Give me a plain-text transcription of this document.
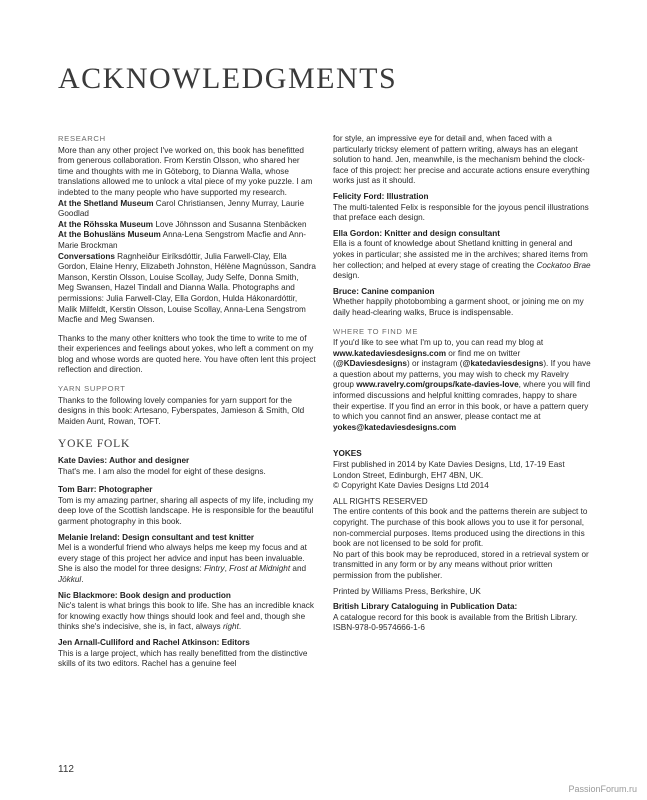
ACKNOWLEDGMENTS
RESEARCH

More than any other project I've worked on, this book has benefitted from generous collaboration. From Kerstin Olsson, who shared her time and thoughts with me in Göteborg, to Dianna Walla, whose translations allowed me to unlock a vital piece of my yoke puzzle. I am indebted to the many people who have supported my research.

At the Shetland Museum Carol Christiansen, Jenny Murray, Laurie Goodlad

At the Röhsska Museum Love Jöhnsson and Susanna Stenbäcken

At the Bohusläns Museum Anna-Lena Sengstrom Macfie and Ann-Marie Brockman

Conversations Ragnheiður Eiríksdóttir, Julia Farwell-Clay, Ella Gordon, Elaine Henry, Elizabeth Johnston, Hélène Magnússon, Sandra Manson, Kerstin Olsson, Louise Scollay, Judy Selfe, Donna Smith, Meg Swansen, Hazel Tindall and Dianna Walla. Photographs and permissions: Julia Farwell-Clay, Ella Gordon, Hulda Hákonardóttir, Malik Milfeldt, Kerstin Olsson, Louise Scollay, Anna-Lena Sengstrom Macfie and Meg Swansen.

Thanks to the many other knitters who took the time to write to me of their experiences and feelings about yokes, who left a comment on my blog and whose words are quoted here. You have often lent this project reflection and direction.

YARN SUPPORT

Thanks to the following lovely companies for yarn support for the designs in this book: Artesano, Fyberspates, Jamieson & Smith, Old Maiden Aunt, Rowan, TOFT.

YOKE FOLK

Kate Davies: Author and designer

That's me. I am also the model for eight of these designs.

Tom Barr: Photographer

Tom is my amazing partner, sharing all aspects of my life, including my deep love of the Scottish landscape. He is responsible for the beautiful garment photography in this book.

Melanie Ireland: Design consultant and test knitter

Mel is a wonderful friend who always helps me keep my focus and at every stage of this project her advice and input has been invaluable. She is also the model for three designs: Fintry, Frost at Midnight and Jökkul.

Nic Blackmore: Book design and production

Nic's talent is what brings this book to life. She has an incredible knack for knowing exactly how things should look and feel and, though she thinks she's indecisive, she is, in fact, always right.

Jen Arnall-Culliford and Rachel Atkinson: Editors

This is a large project, which has really benefitted from the distinctive skills of its two editors. Rachel has a genuine feel

for style, an impressive eye for detail and, when faced with a particularly tricksy element of pattern writing, always has an elegant solution to hand. Jen, meanwhile, is the mechanism behind the clock-face of this project: her precise and accurate actions ensure everything works just as it should.

Felicity Ford: Illustration

The multi-talented Felix is responsible for the joyous pencil illustrations that preface each design.

Ella Gordon: Knitter and design consultant

Ella is a fount of knowledge about Shetland knitting in general and yokes in particular; she assisted me in the archives; shared items from her collection; and helped at every stage of creating the Cockatoo Brae design.

Bruce: Canine companion

Whether happily photobombing a garment shoot, or joining me on my daily head-clearing walks, Bruce is indispensable.

WHERE TO FIND ME

If you'd like to see what I'm up to, you can read my blog at www.katedaviesdesigns.com or find me on twitter (@KDaviesdesigns) or instagram (@katedaviesdesigns). If you have a question about my patterns, you may wish to check my Ravelry group www.ravelry.com/groups/kate-davies-love, where you will find informed discussions and helpful knitting comrades, happy to share their expertise. If you find an error in this book, or have a pattern query to which you cannot find an answer, please contact me at yokes@katedaviesdesigns.com

YOKES

First published in 2014 by Kate Davies Designs, Ltd, 17-19 East London Street, Edinburgh, EH7 4BN, UK.

© Copyright Kate Davies Designs Ltd 2014

ALL RIGHTS RESERVED

The entire contents of this book and the patterns therein are subject to copyright. The purchase of this book allows you to use it for personal, non-commercial purposes. Items produced using the directions in this book are not licensed to be sold for profit.

No part of this book may be reproduced, stored in a retrieval system or transmitted in any form or by any means without prior written permission from the publisher.

Printed by Williams Press, Berkshire, UK

British Library Cataloguing in Publication Data:

A catalogue record for this book is available from the British Library. ISBN-978-0-9574666-1-6

112
PassionForum.ru
